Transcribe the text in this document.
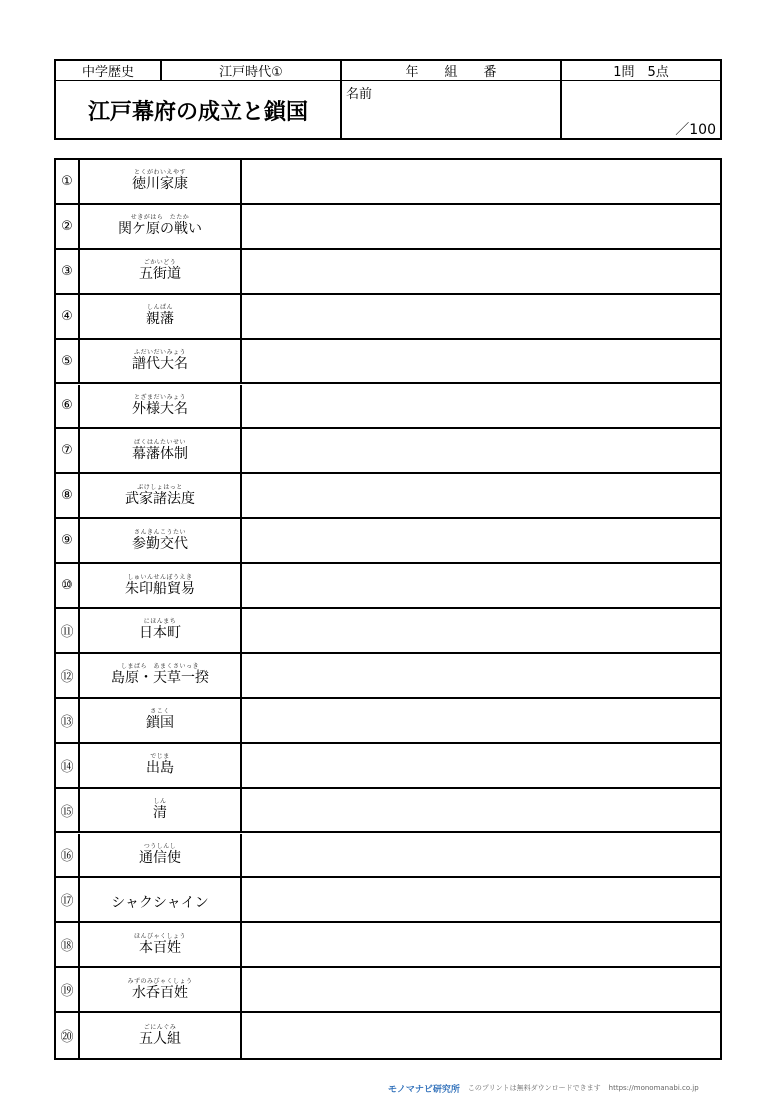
中学歴史	江戸時代①	年　　組　　番	1問　5点
江戸幕府の成立と鎖国
名前
／100
①
とくがわいえやす
徳川家康
②
せきがはら　たたか
関ケ原の戦い
③
ごかいどう
五街道
④
しんぱん
親藩
⑤
ふだいだいみょう
譜代大名
⑥
とざまだいみょう
外様大名
⑦
ばくはんたいせい
幕藩体制
⑧
ぶけしょはっと
武家諸法度
⑨
さんきんこうたい
参勤交代
⑩
しゅいんせんぼうえき
朱印船貿易
⑪
にほんまち
日本町
⑫
しまばら　あまくさいっき
島原・天草一揆
⑬
さこく
鎖国
⑭
でじま
出島
⑮
しん
清
⑯
つうしんし
通信使
⑰	シャクシャイン
⑱
ほんびゃくしょう
本百姓
⑲
みずのみびゃくしょう
水呑百姓
⑳
ごにんぐみ
五人組
モノマナビ研究所 このプリントは無料ダウンロードできます https://monomanabi.co.jp
